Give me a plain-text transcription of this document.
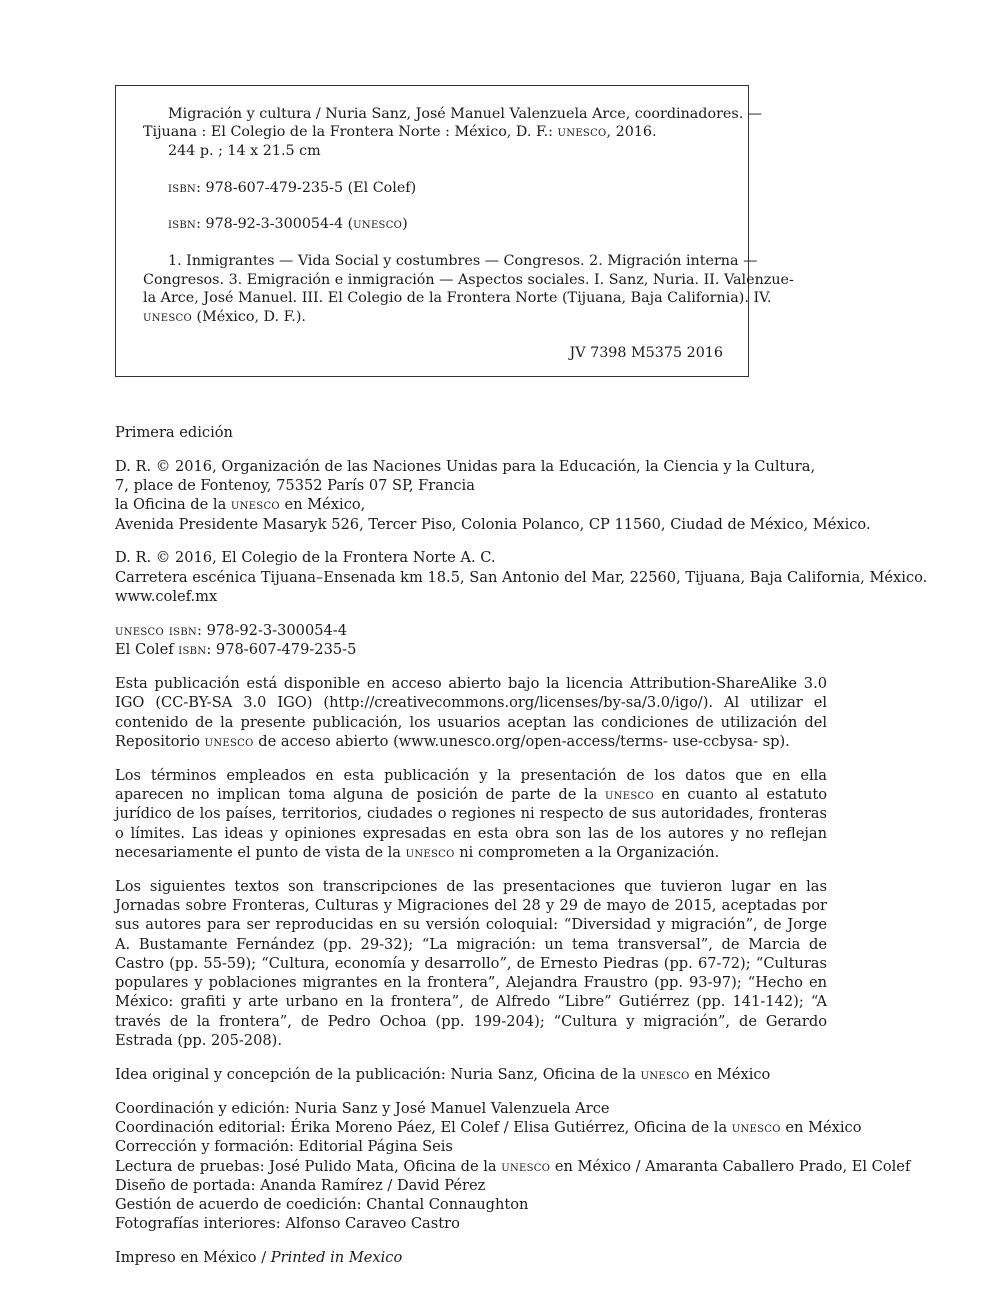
Migración y cultura / Nuria Sanz, José Manuel Valenzuela Arce, coordinadores. —
Tijuana : El Colegio de la Frontera Norte : México, D. F.: unesco, 2016.
244 p. ; 14 x 21.5 cm
isbn: 978-607-479-235-5 (El Colef)
isbn: 978-92-3-300054-4 (unesco)
1. Inmigrantes — Vida Social y costumbres — Congresos. 2. Migración interna —
Congresos. 3. Emigración e inmigración — Aspectos sociales. I. Sanz, Nuria. II. Valenzue-
la Arce, José Manuel. III. El Colegio de la Frontera Norte (Tijuana, Baja California). IV.
unesco (México, D. F.).
JV 7398 M5375 2016

Primera edición

D. R. © 2016, Organización de las Naciones Unidas para la Educación, la Ciencia y la Cultura,
7, place de Fontenoy, 75352 París 07 SP, Francia
la Oficina de la unesco en México,
Avenida Presidente Masaryk 526, Tercer Piso, Colonia Polanco, CP 11560, Ciudad de México, México.

D. R. © 2016, El Colegio de la Frontera Norte A. C.
Carretera escénica Tijuana–Ensenada km 18.5, San Antonio del Mar, 22560, Tijuana, Baja California, México.
www.colef.mx

unesco isbn: 978-92-3-300054-4
El Colef isbn: 978-607-479-235-5

Esta publicación está disponible en acceso abierto bajo la licencia Attribution-ShareAlike 3.0 IGO (CC-BY-SA 3.0 IGO) (http://creativecommons.org/licenses/by-sa/3.0/igo/). Al utilizar el contenido de la presente publicación, los usuarios aceptan las condiciones de utilización del Repositorio unesco de acceso abierto (www.unesco.org/open-access/terms- use-ccbysa- sp).

Los términos empleados en esta publicación y la presentación de los datos que en ella aparecen no implican toma alguna de posición de parte de la unesco en cuanto al estatuto jurídico de los países, territorios, ciudades o regiones ni respecto de sus autoridades, fronteras o límites. Las ideas y opiniones expresadas en esta obra son las de los autores y no reflejan necesariamente el punto de vista de la unesco ni comprometen a la Organización.

Los siguientes textos son transcripciones de las presentaciones que tuvieron lugar en las Jornadas sobre Fronteras, Culturas y Migraciones del 28 y 29 de mayo de 2015, aceptadas por sus autores para ser reproducidas en su versión coloquial: “Diversidad y migración”, de Jorge A. Bustamante Fernández (pp. 29-32); “La migración: un tema transversal”, de Marcia de Castro (pp. 55-59); “Cultura, economía y desarrollo”, de Ernesto Piedras (pp. 67-72); “Culturas populares y poblaciones migrantes en la frontera”, Alejandra Fraustro (pp. 93-97); “Hecho en México: grafiti y arte urbano en la frontera”, de Alfredo “Libre” Gutiérrez (pp. 141-142); “A través de la frontera”, de Pedro Ochoa (pp. 199-204); “Cultura y migración”, de Gerardo Estrada (pp. 205-208).

Idea original y concepción de la publicación: Nuria Sanz, Oficina de la unesco en México

Coordinación y edición: Nuria Sanz y José Manuel Valenzuela Arce
Coordinación editorial: Érika Moreno Páez, El Colef / Elisa Gutiérrez, Oficina de la unesco en México
Corrección y formación: Editorial Página Seis
Lectura de pruebas: José Pulido Mata, Oficina de la unesco en México / Amaranta Caballero Prado, El Colef
Diseño de portada: Ananda Ramírez / David Pérez
Gestión de acuerdo de coedición: Chantal Connaughton
Fotografías interiores: Alfonso Caraveo Castro

Impreso en México / Printed in Mexico
